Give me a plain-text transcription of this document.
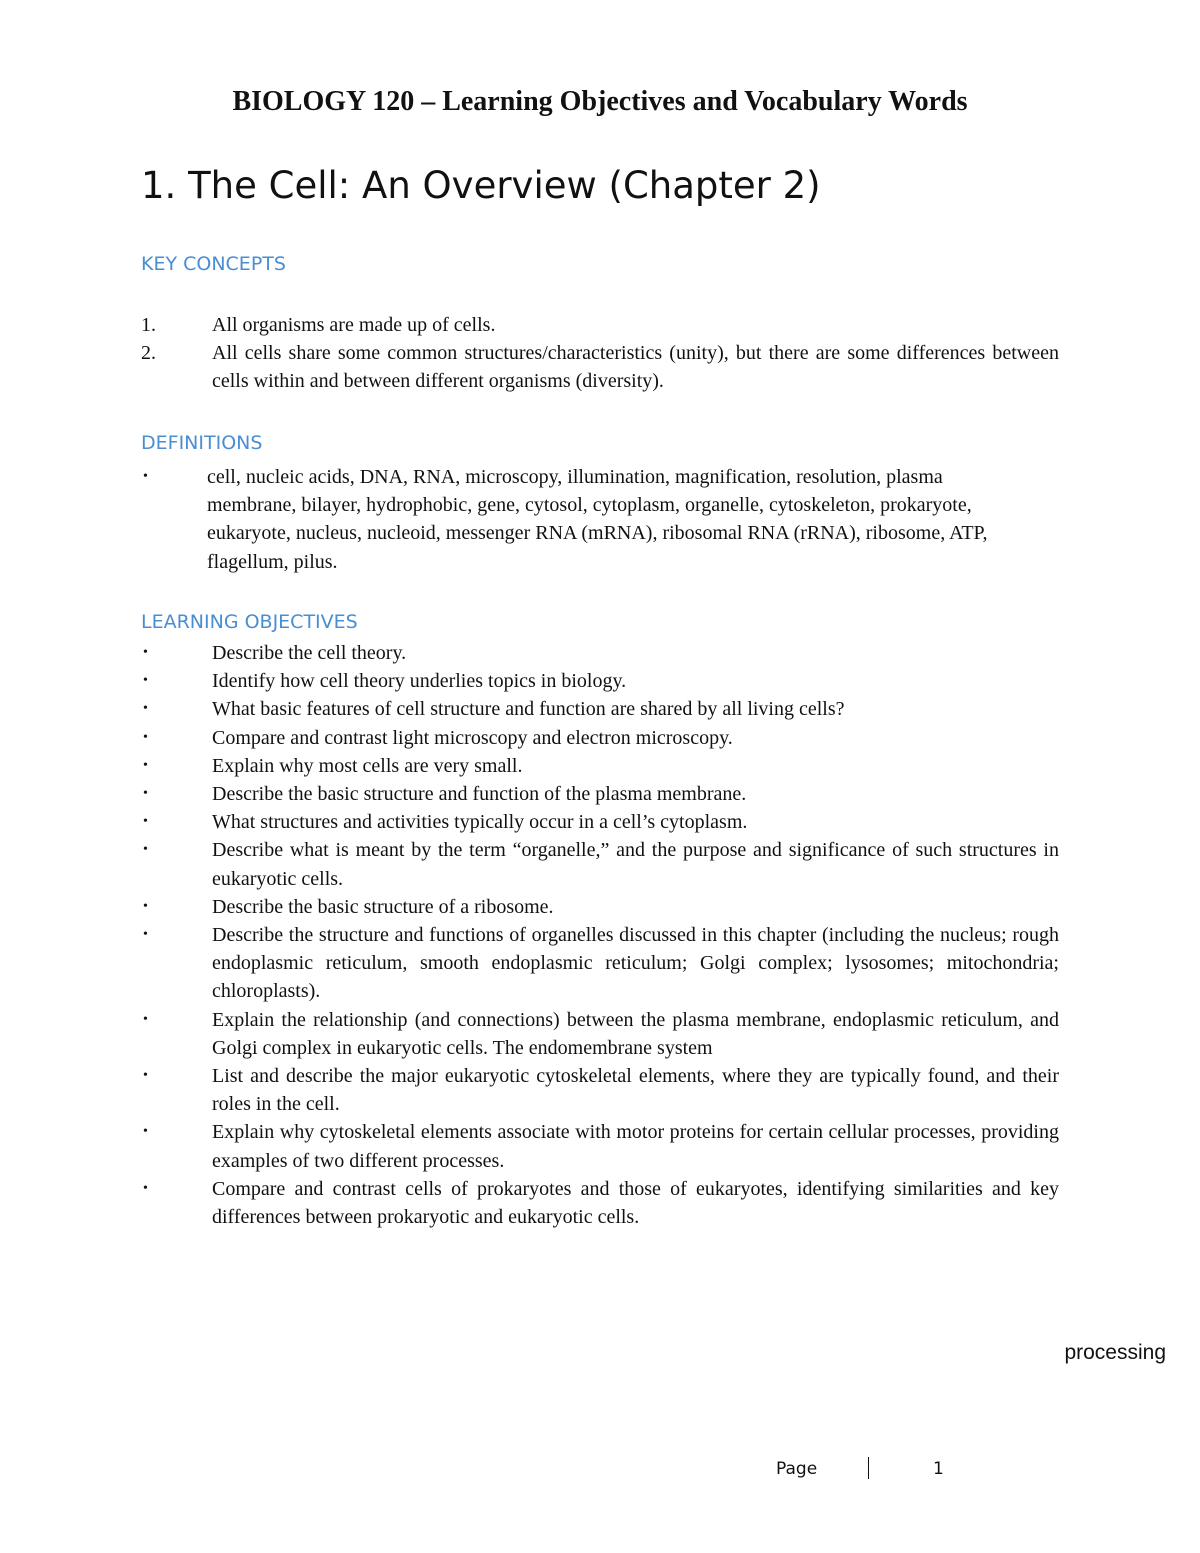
BIOLOGY 120 – Learning Objectives and Vocabulary Words
1. The Cell: An Overview (Chapter 2)
KEY CONCEPTS
1.	All organisms are made up of cells.
2.	All cells share some common structures/characteristics (unity), but there are some differences between cells within and between different organisms (diversity).
DEFINITIONS
•	cell, nucleic acids, DNA, RNA, microscopy, illumination, magnification, resolution, plasma membrane, bilayer, hydrophobic, gene, cytosol, cytoplasm, organelle, cytoskeleton, prokaryote, eukaryote, nucleus, nucleoid, messenger RNA (mRNA), ribosomal RNA (rRNA), ribosome, ATP, flagellum, pilus.
LEARNING OBJECTIVES
•	Describe the cell theory.
•	Identify how cell theory underlies topics in biology.
•	What basic features of cell structure and function are shared by all living cells?
•	Compare and contrast light microscopy and electron microscopy.
•	Explain why most cells are very small.
•	Describe the basic structure and function of the plasma membrane.
•	What structures and activities typically occur in a cell’s cytoplasm.
•	Describe what is meant by the term “organelle,” and the purpose and significance of such structures in eukaryotic cells.
•	Describe the basic structure of a ribosome.
•	Describe the structure and functions of organelles discussed in this chapter (including the nucleus; rough endoplasmic reticulum, smooth endoplasmic reticulum; Golgi complex; lysosomes; mitochondria; chloroplasts).
•	Explain the relationship (and connections) between the plasma membrane, endoplasmic reticulum, and Golgi complex in eukaryotic cells. The endomembrane system
•	List and describe the major eukaryotic cytoskeletal elements, where they are typically found, and their roles in the cell.
•	Explain why cytoskeletal elements associate with motor proteins for certain cellular processes, providing examples of two different processes.
•	Compare and contrast cells of prokaryotes and those of eukaryotes, identifying similarities and key differences between prokaryotic and eukaryotic cells.
processing
Page	1
